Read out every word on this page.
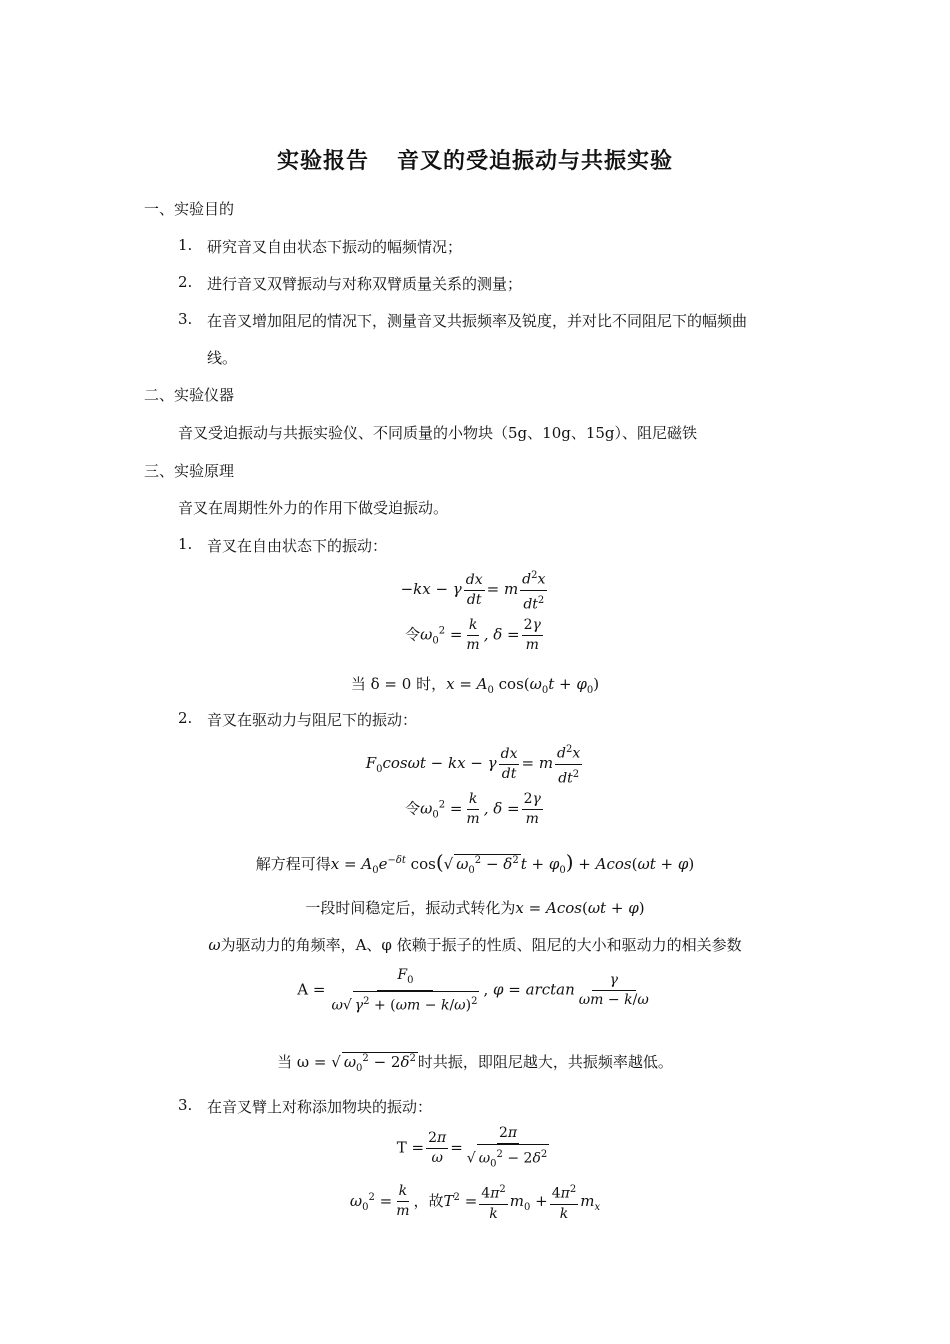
实验报告 音叉的受迫振动与共振实验
一、实验目的
1. 研究音叉自由状态下振动的幅频情况；
2. 进行音叉双臂振动与对称双臂质量关系的测量；
3. 在音叉增加阻尼的情况下，测量音叉共振频率及锐度，并对比不同阻尼下的幅频曲
线。
二、实验仪器
音叉受迫振动与共振实验仪、不同质量的小物块（5g、10g、15g）、阻尼磁铁
三、实验原理
音叉在周期性外力的作用下做受迫振动。
1. 音叉在自由状态下的振动：
−kx − γ $\frac{dx}{dt} = m \frac{d^2x}{dt^2}$
令$\omega_0^2 = \frac{k}{m}$ , $\delta = \frac{2\gamma}{m}$
当 δ = 0 时，$x = A_0$ $\cos(\omega_0t + \varphi_0)$
2. 音叉在驱动力与阻尼下的振动：
$F_0\cos\omega t$ − kx − γ $\frac{dx}{dt} = m \frac{d^2x}{dt^2}$
令$\omega_0^2 = \frac{k}{m}$ , $\delta = \frac{2\gamma}{m}$
解方程可得$x = A_0e^{-\delta t}$ cos(√ $\omega_0^2 - \delta^2$ $t + \varphi_0) + Acos(\omega t + \varphi)$
一段时间稳定后，振动式转化为x = Acos(ωt + φ)
ω为驱动力的角频率，A、φ 依赖于振子的性质、阻尼的大小和驱动力的相关参数
$A = \frac{F_0}{\omega√ \gamma^2 + (\omega m - k/\omega)^2}$ , $\varphi = \arctan \frac{\gamma}{\omega m - k/\omega}$
当 ω = √ $\omega_0^2 - 2\delta^2$ 时共振，即阻尼越大，共振频率越低。
3. 在音叉臂上对称添加物块的振动：
$T = \frac{2\pi}{\omega} = \frac{2\pi}{√ \omega_0^2 - 2\delta^2}$
$\omega_0^2 = \frac{k}{m}$ ，故$T^2 = \frac{4\pi^2}{k} m_0 + \frac{4\pi^2}{k} m_x$
